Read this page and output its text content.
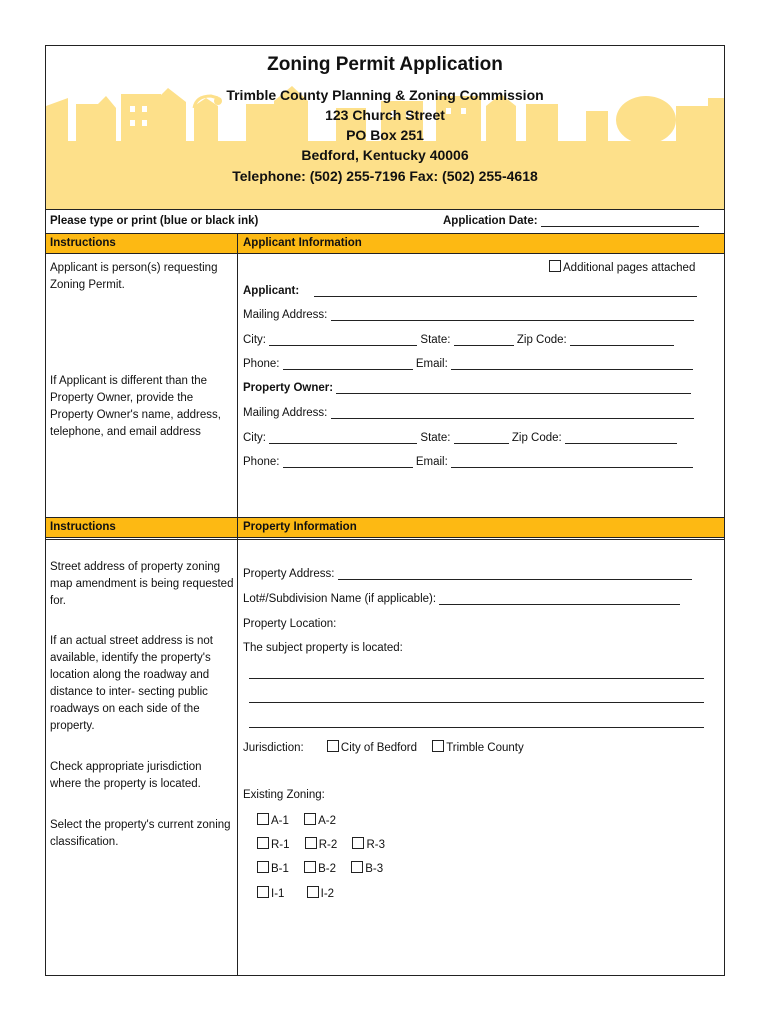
Zoning Permit Application
Trimble County Planning & Zoning Commission
123 Church Street
PO Box 251
Bedford, Kentucky 40006
Telephone: (502) 255-7196 Fax: (502) 255-4618
Please type or print (blue or black ink)	Application Date:
Instructions	Applicant Information
Applicant is person(s) requesting Zoning Permit.
If Applicant is different than the Property Owner, provide the Property Owner's name, address, telephone, and email address
Additional pages attached
Applicant:
Mailing Address:
City:	State:	Zip Code:
Phone:	Email:
Property Owner:
Mailing Address:
City:	State:	Zip Code:
Phone:	Email:
Instructions	Property Information
Street address of property zoning map amendment is being requested for.
If an actual street address is not available, identify the property's location along the roadway and distance to inter- secting public roadways on each side of the property.
Check appropriate jurisdiction where the property is located.
Select the property's current zoning classification.
Property Address:
Lot#/Subdivision Name (if applicable):
Property Location:
The subject property is located:
Jurisdiction:	City of Bedford	Trimble County
Existing Zoning:
A-1	A-2
R-1	R-2	R-3
B-1	B-2	B-3
I-1	I-2
